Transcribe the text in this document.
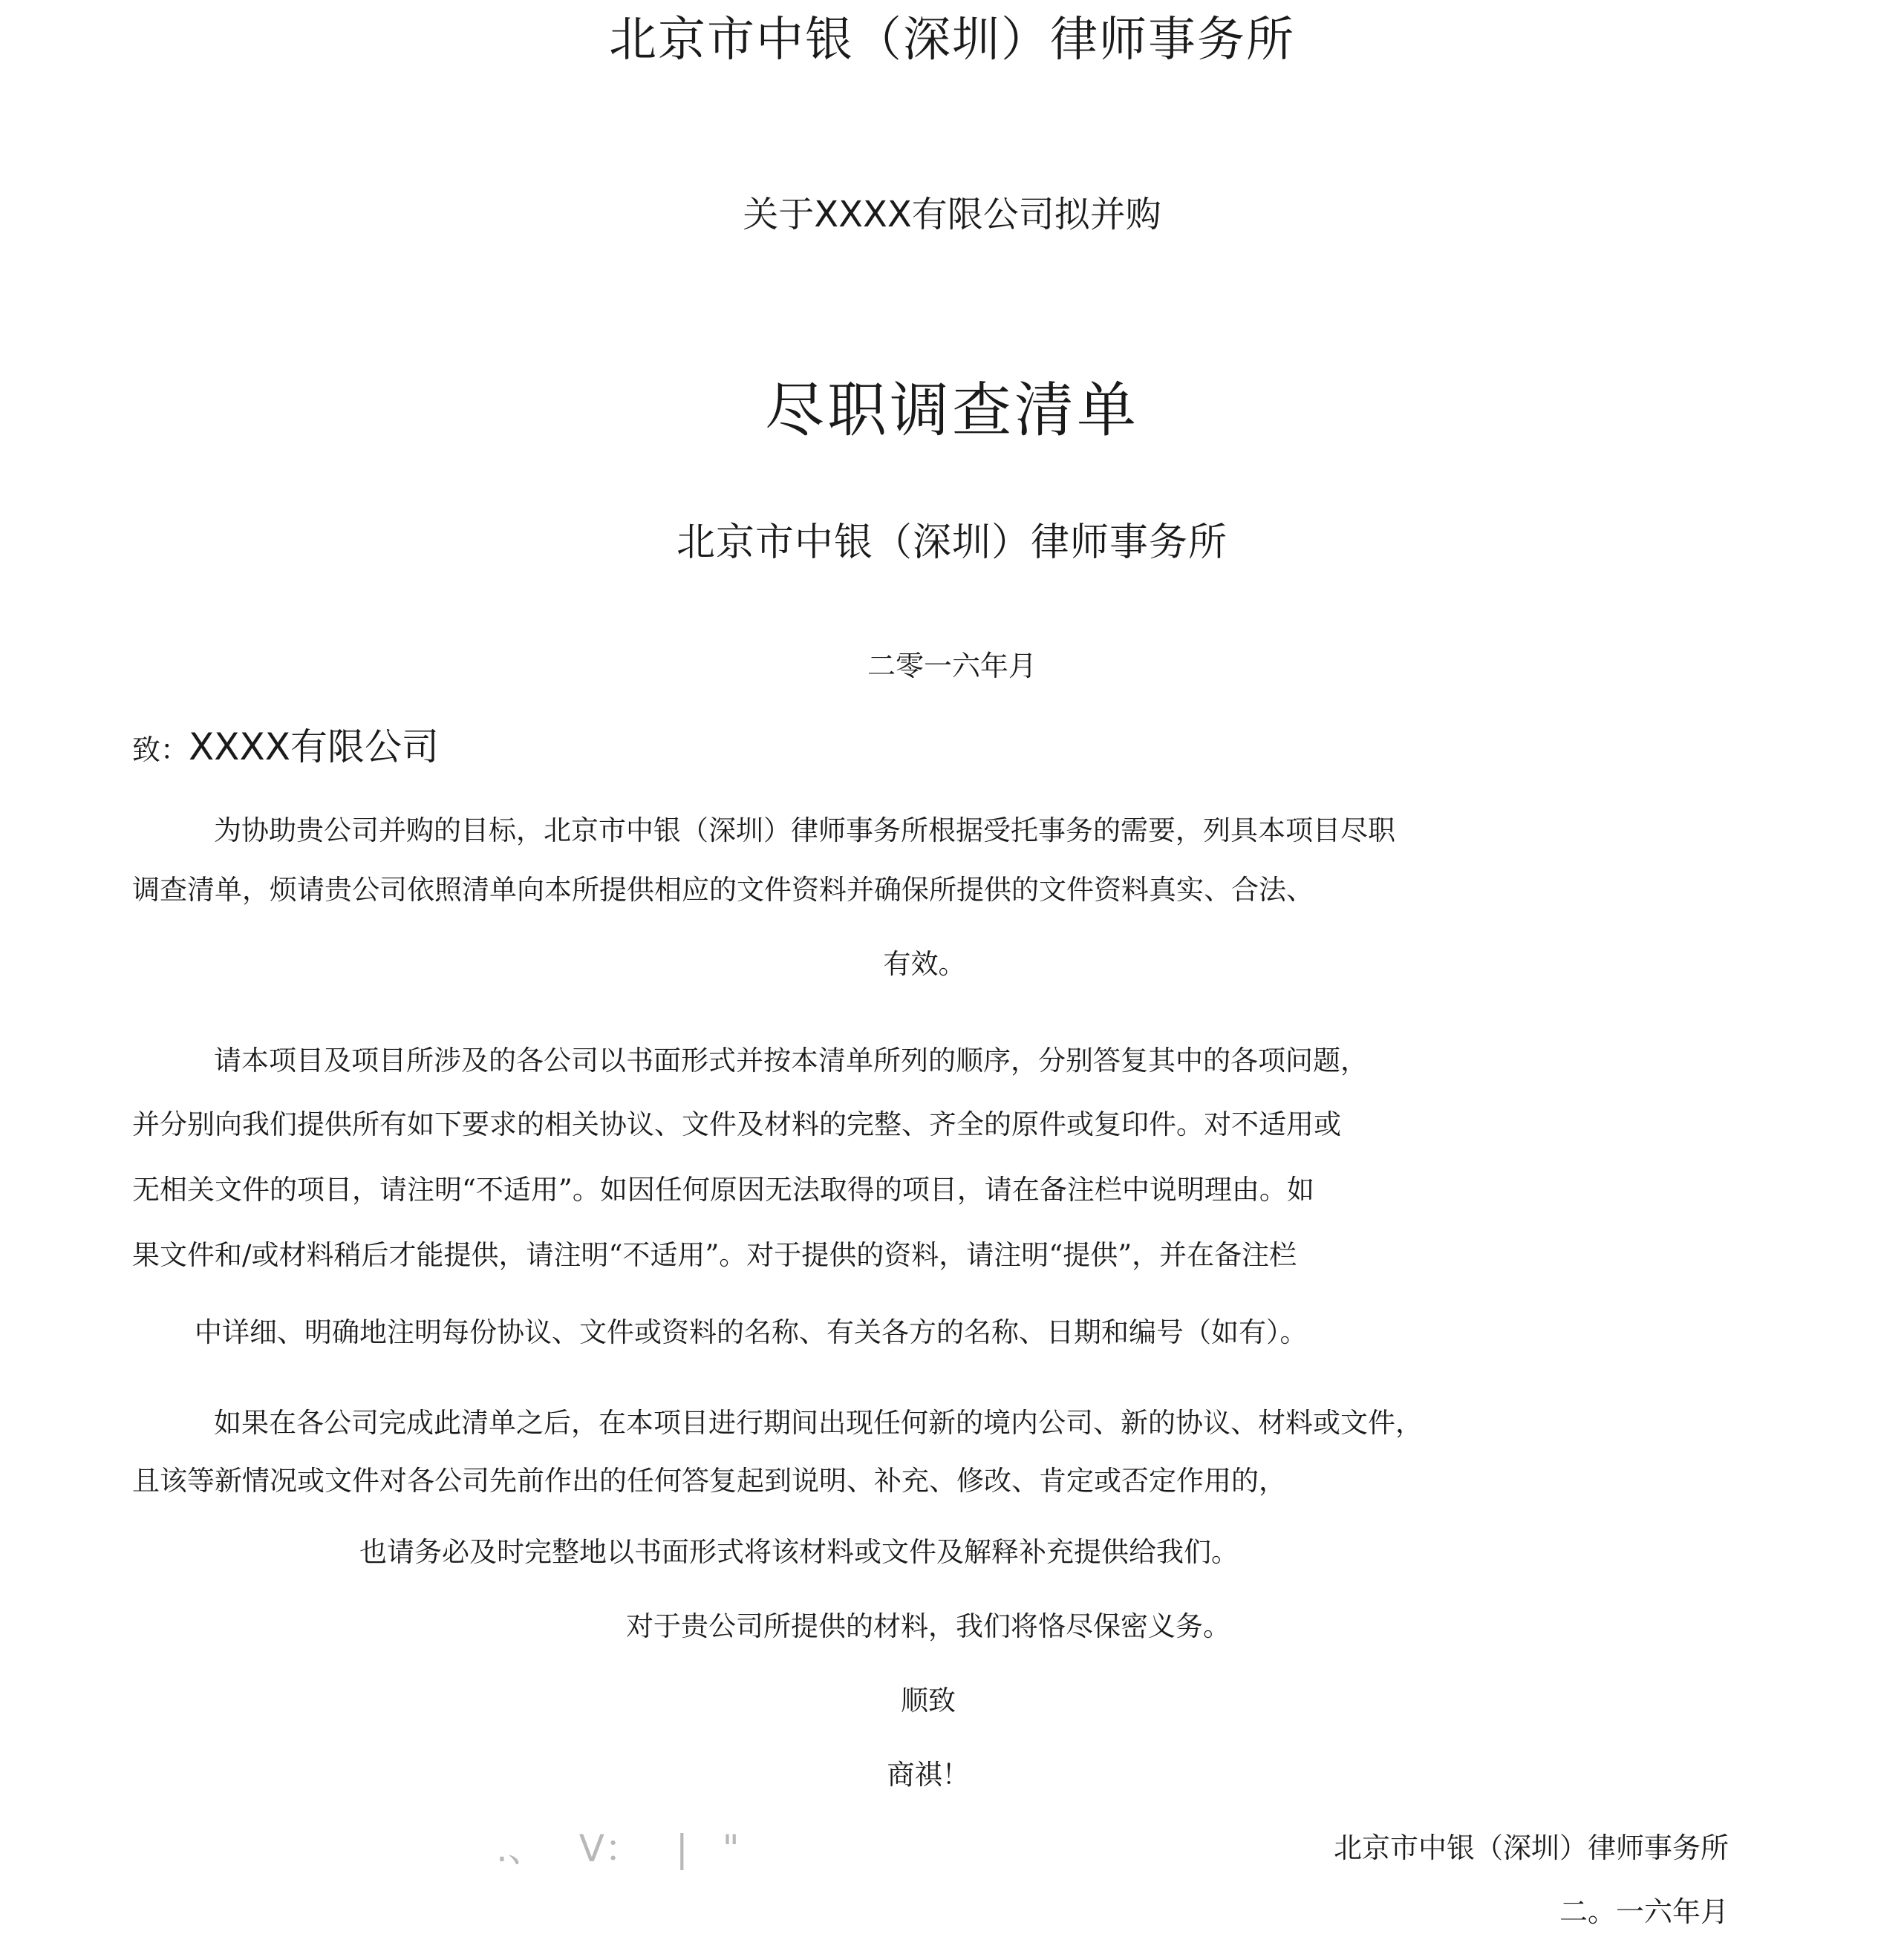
北京市中银（深圳）律师事务所
关于XXXX有限公司拟并购
尽职调查清单
北京市中银（深圳）律师事务所
二零一六年月
致：XXXX有限公司
为协助贵公司并购的目标，北京市中银（深圳）律师事务所根据受托事务的需要，列具本项目尽职
调查清单，烦请贵公司依照清单向本所提供相应的文件资料并确保所提供的文件资料真实、合法、
有效。
请本项目及项目所涉及的各公司以书面形式并按本清单所列的顺序，分别答复其中的各项问题，
并分别向我们提供所有如下要求的相关协议、文件及材料的完整、齐全的原件或复印件。对不适用或
无相关文件的项目，请注明“不适用”。如因任何原因无法取得的项目，请在备注栏中说明理由。如
果文件和/或材料稍后才能提供，请注明“不适用”。对于提供的资料，请注明“提供”，并在备注栏
中详细、明确地注明每份协议、文件或资料的名称、有关各方的名称、日期和编号（如有）。
如果在各公司完成此清单之后，在本项目进行期间出现任何新的境内公司、新的协议、材料或文件，
且该等新情况或文件对各公司先前作出的任何答复起到说明、补充、修改、肯定或否定作用的，
也请务必及时完整地以书面形式将该材料或文件及解释补充提供给我们。
对于贵公司所提供的材料，我们将恪尽保密义务。
顺致
商祺！
.、 V： | "	北京市中银（深圳）律师事务所
二。一六年月
